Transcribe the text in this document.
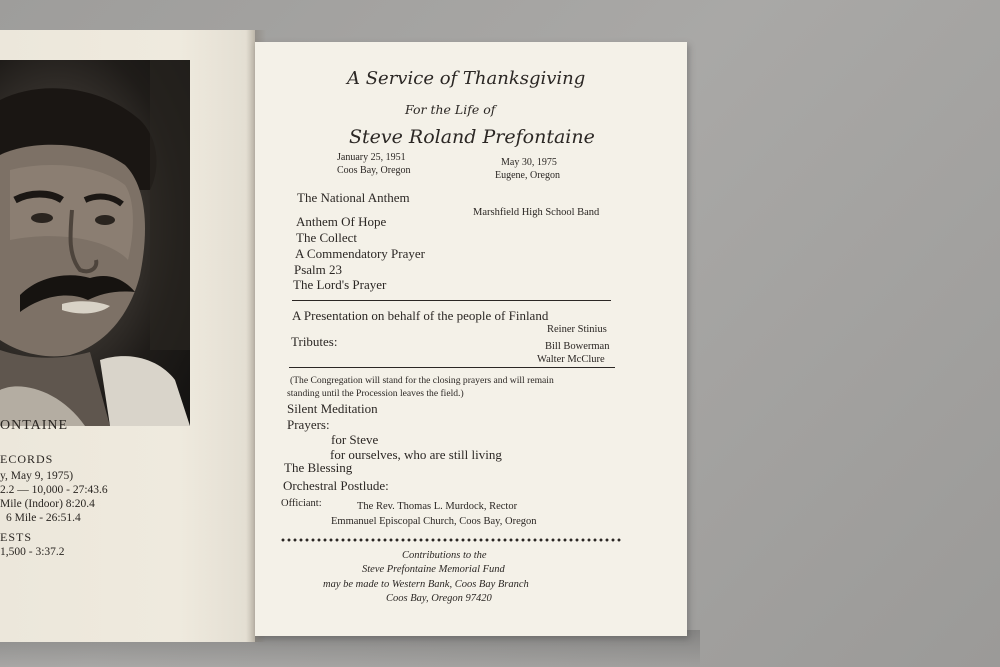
ONTAINE
ECORDS
y, May 9, 1975)
2.2 — 10,000 - 27:43.6
Mile (Indoor) 8:20.4
6 Mile - 26:51.4
ESTS
1,500 - 3:37.2
A Service of Thanksgiving
For the Life of
Steve Roland Prefontaine
January 25, 1951
Coos Bay, Oregon
May 30, 1975
Eugene, Oregon
The National Anthem
Marshfield High School Band
Anthem Of Hope
The Collect
A Commendatory Prayer
Psalm 23
The Lord's Prayer
A Presentation on behalf of the people of Finland
Reiner Stinius
Tributes:	Bill Bowerman
Walter McClure
(The Congregation will stand for the closing prayers and will remain
standing until the Procession leaves the field.)
Silent Meditation
Prayers:
for Steve
for ourselves, who are still living
The Blessing
Orchestral Postlude:
Officiant:	The Rev. Thomas L. Murdock, Rector
Emmanuel Episcopal Church, Coos Bay, Oregon
Contributions to the
Steve Prefontaine Memorial Fund
may be made to Western Bank, Coos Bay Branch
Coos Bay, Oregon 97420
